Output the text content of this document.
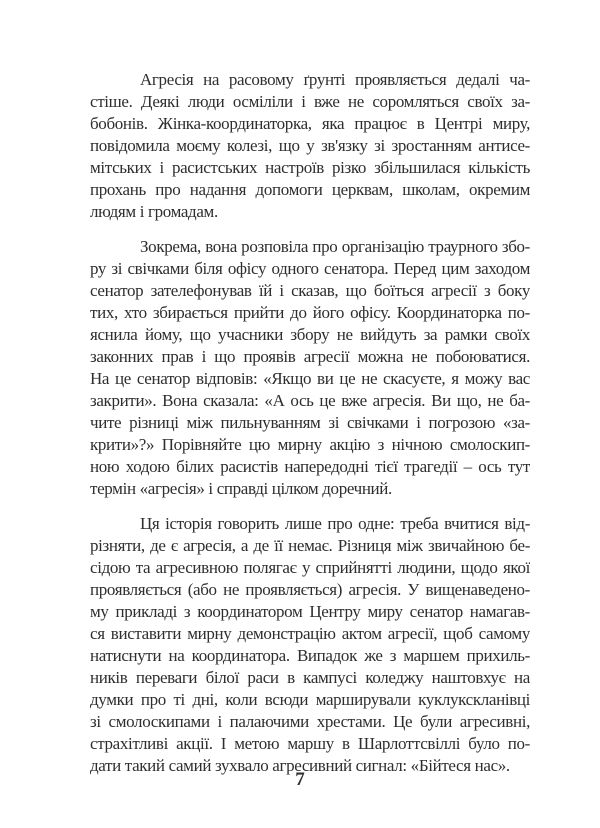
Агресія на расовому ґрунті проявляється дедалі ча-
стіше. Деякі люди осміліли і вже не соромляться своїх за-
бобонів. Жінка-координаторка, яка працює в Центрі миру,
повідомила моєму колезі, що у зв'язку зі зростанням антисе-
мітських і расистських настроїв різко збільшилася кількість
прохань про надання допомоги церквам, школам, окремим
людям і громадам.
Зокрема, вона розповіла про організацію траурного збо-
ру зі свічками біля офісу одного сенатора. Перед цим заходом
сенатор зателефонував їй і сказав, що боїться агресії з боку
тих, хто збирається прийти до його офісу. Координаторка по-
яснила йому, що учасники збору не вийдуть за рамки своїх
законних прав і що проявів агресії можна не побоюватися.
На це сенатор відповів: «Якщо ви це не скасуєте, я можу вас
закрити». Вона сказала: «А ось це вже агресія. Ви що, не ба-
чите різниці між пильнуванням зі свічками і погрозою «за-
крити»?» Порівняйте цю мирну акцію з нічною смолоскип-
ною ходою білих расистів напередодні тієї трагедії – ось тут
термін «агресія» і справді цілком доречний.
Ця історія говорить лише про одне: треба вчитися від-
різняти, де є агресія, а де її немає. Різниця між звичайною бе-
сідою та агресивною полягає у сприйнятті людини, щодо якої
проявляється (або не проявляється) агресія. У вищенаведено-
му прикладі з координатором Центру миру сенатор намагав-
ся виставити мирну демонстрацію актом агресії, щоб самому
натиснути на координатора. Випадок же з маршем прихиль-
ників переваги білої раси в кампусі коледжу наштовхує на
думки про ті дні, коли всюди марширували куклукскланівці
зі смолоскипами і палаючими хрестами. Це були агресивні,
страхітливі акції. І метою маршу в Шарлоттсвіллі було по-
дати такий самий зухвало агресивний сигнал: «Бійтеся нас».
7
